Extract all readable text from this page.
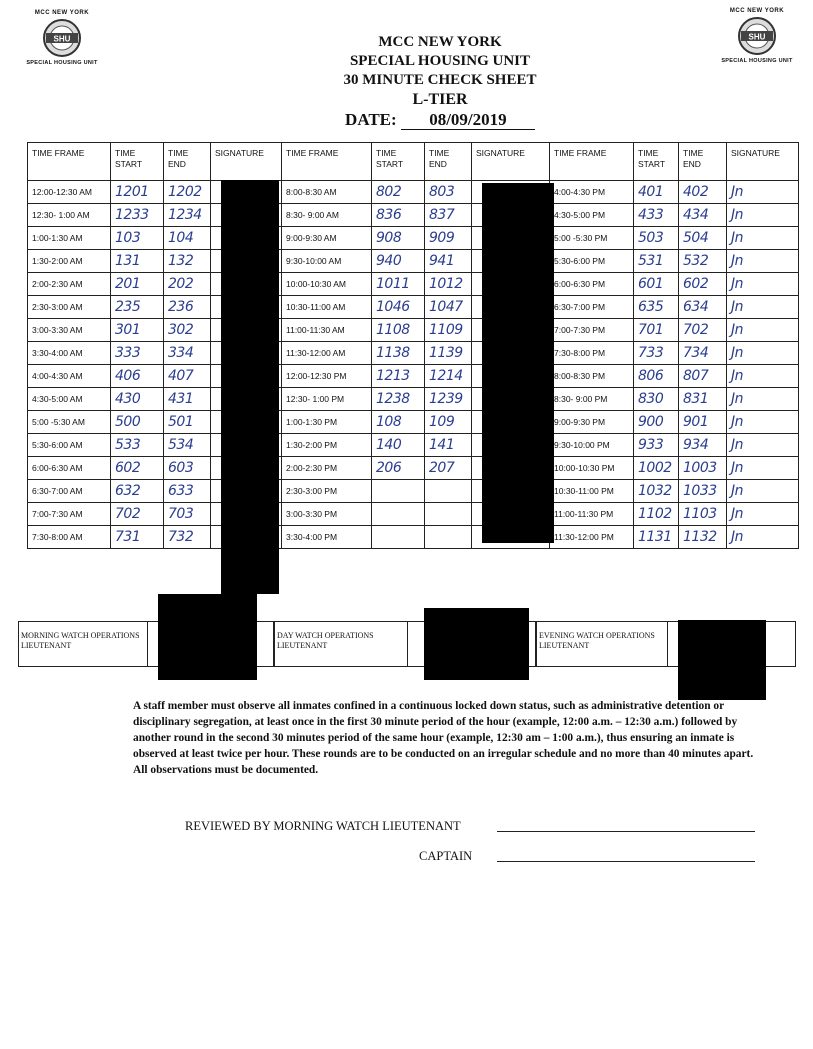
MCC NEW YORK
SHU
SPECIAL HOUSING UNIT
MCC NEW YORK
SHU
SPECIAL HOUSING UNIT
MCC NEW YORK
SPECIAL HOUSING UNIT
30 MINUTE CHECK SHEET
L-TIER
DATE: 08/09/2019
TIME FRAME	TIME START	TIME END	SIGNATURE	TIME FRAME	TIME START	TIME END	SIGNATURE	TIME FRAME	TIME START	TIME END	SIGNATURE
12:00-12:30 AM	1201	1202		8:00-8:30 AM	802	803		4:00-4:30 PM	401	402	Jn
12:30- 1:00 AM	1233	1234		8:30- 9:00 AM	836	837		4:30-5:00 PM	433	434	Jn
1:00-1:30 AM	103	104		9:00-9:30 AM	908	909		5:00 -5:30 PM	503	504	Jn
1:30-2:00 AM	131	132		9:30-10:00 AM	940	941		5:30-6:00 PM	531	532	Jn
2:00-2:30 AM	201	202		10:00-10:30 AM	1011	1012		6:00-6:30 PM	601	602	Jn
2:30-3:00 AM	235	236		10:30-11:00 AM	1046	1047		6:30-7:00 PM	635	634	Jn
3:00-3:30 AM	301	302		11:00-11:30 AM	1108	1109		7:00-7:30 PM	701	702	Jn
3:30-4:00 AM	333	334		11:30-12:00 AM	1138	1139		7:30-8:00 PM	733	734	Jn
4:00-4:30 AM	406	407		12:00-12:30 PM	1213	1214		8:00-8:30 PM	806	807	Jn
4:30-5:00 AM	430	431		12:30- 1:00 PM	1238	1239		8:30- 9:00 PM	830	831	Jn
5:00 -5:30 AM	500	501		1:00-1:30 PM	108	109		9:00-9:30 PM	900	901	Jn
5:30-6:00 AM	533	534		1:30-2:00 PM	140	141		9:30-10:00 PM	933	934	Jn
6:00-6:30 AM	602	603		2:00-2:30 PM	206	207		10:00-10:30 PM	1002	1003	Jn
6:30-7:00 AM	632	633		2:30-3:00 PM				10:30-11:00 PM	1032	1033	Jn
7:00-7:30 AM	702	703		3:00-3:30 PM				11:00-11:30 PM	1102	1103	Jn
7:30-8:00 AM	731	732		3:30-4:00 PM				11:30-12:00 PM	1131	1132	Jn
MORNING WATCH OPERATIONS LIEUTENANT
DAY WATCH OPERATIONS LIEUTENANT
EVENING WATCH OPERATIONS LIEUTENANT
A staff member must observe all inmates confined in a continuous locked down status, such as administrative detention or disciplinary segregation, at least once in the first 30 minute period of the hour (example, 12:00 a.m. – 12:30 a.m.) followed by another round in the second 30 minutes period of the same hour (example, 12:30 am – 1:00 a.m.), thus ensuring an inmate is observed at least twice per hour. These rounds are to be conducted on an irregular schedule and no more than 40 minutes apart. All observations must be documented.
REVIEWED BY MORNING WATCH LIEUTENANT
CAPTAIN
